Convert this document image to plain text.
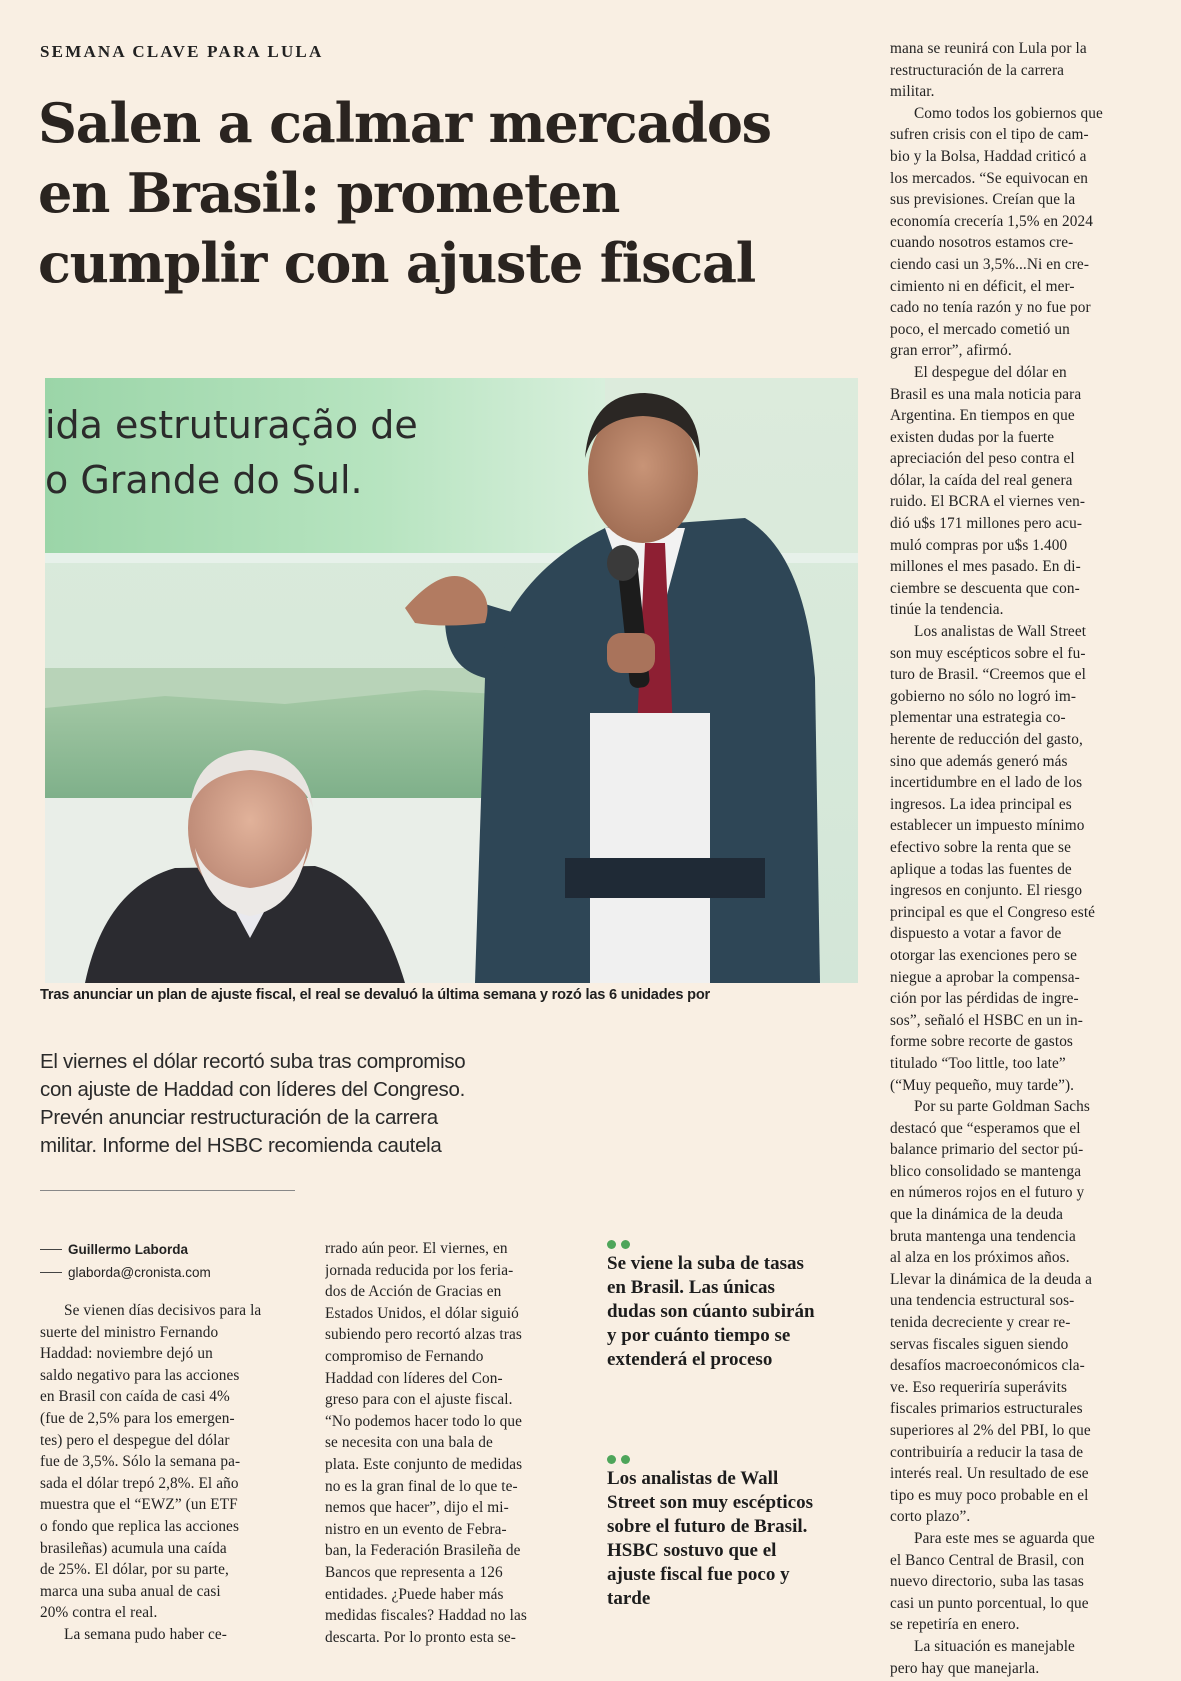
SEMANA CLAVE PARA LULA
Salen a calmar mercados
en Brasil: prometen
cumplir con ajuste fiscal
ida estruturação de
o Grande do Sul.
Tras anunciar un plan de ajuste fiscal, el real se devaluó la última semana y rozó las 6 unidades por
El viernes el dólar recortó suba tras compromiso
con ajuste de Haddad con líderes del Congreso.
Prevén anunciar restructuración de la carrera
militar. Informe del HSBC recomienda cautela
Guillermo Laborda
glaborda@cronista.com
Se vienen días decisivos para la
suerte del ministro Fernando
Haddad: noviembre dejó un
saldo negativo para las acciones
en Brasil con caída de casi 4%
(fue de 2,5% para los emergen-
tes) pero el despegue del dólar
fue de 3,5%. Sólo la semana pa-
sada el dólar trepó 2,8%. El año
muestra que el “EWZ” (un ETF
o fondo que replica las acciones
brasileñas) acumula una caída
de 25%. El dólar, por su parte,
marca una suba anual de casi
20% contra el real.
La semana pudo haber ce-
rrado aún peor. El viernes, en
jornada reducida por los feria-
dos de Acción de Gracias en
Estados Unidos, el dólar siguió
subiendo pero recortó alzas tras
compromiso de Fernando
Haddad con líderes del Con-
greso para con el ajuste fiscal.
“No podemos hacer todo lo que
se necesita con una bala de
plata. Este conjunto de medidas
no es la gran final de lo que te-
nemos que hacer”, dijo el mi-
nistro en un evento de Febra-
ban, la Federación Brasileña de
Bancos que representa a 126
entidades. ¿Puede haber más
medidas fiscales? Haddad no las
descarta. Por lo pronto esta se-
Se viene la suba de tasas
en Brasil. Las únicas
dudas son cúanto subirán
y por cuánto tiempo se
extenderá el proceso
Los analistas de Wall
Street son muy escépticos
sobre el futuro de Brasil.
HSBC sostuvo que el
ajuste fiscal fue poco y
tarde
mana se reunirá con Lula por la
restructuración de la carrera
militar.
Como todos los gobiernos que
sufren crisis con el tipo de cam-
bio y la Bolsa, Haddad criticó a
los mercados. “Se equivocan en
sus previsiones. Creían que la
economía crecería 1,5% en 2024
cuando nosotros estamos cre-
ciendo casi un 3,5%...Ni en cre-
cimiento ni en déficit, el mer-
cado no tenía razón y no fue por
poco, el mercado cometió un
gran error”, afirmó.
El despegue del dólar en
Brasil es una mala noticia para
Argentina. En tiempos en que
existen dudas por la fuerte
apreciación del peso contra el
dólar, la caída del real genera
ruido. El BCRA el viernes ven-
dió u$s 171 millones pero acu-
muló compras por u$s 1.400
millones el mes pasado. En di-
ciembre se descuenta que con-
tinúe la tendencia.
Los analistas de Wall Street
son muy escépticos sobre el fu-
turo de Brasil. “Creemos que el
gobierno no sólo no logró im-
plementar una estrategia co-
herente de reducción del gasto,
sino que además generó más
incertidumbre en el lado de los
ingresos. La idea principal es
establecer un impuesto mínimo
efectivo sobre la renta que se
aplique a todas las fuentes de
ingresos en conjunto. El riesgo
principal es que el Congreso esté
dispuesto a votar a favor de
otorgar las exenciones pero se
niegue a aprobar la compensa-
ción por las pérdidas de ingre-
sos”, señaló el HSBC en un in-
forme sobre recorte de gastos
titulado “Too little, too late”
(“Muy pequeño, muy tarde”).
Por su parte Goldman Sachs
destacó que “esperamos que el
balance primario del sector pú-
blico consolidado se mantenga
en números rojos en el futuro y
que la dinámica de la deuda
bruta mantenga una tendencia
al alza en los próximos años.
Llevar la dinámica de la deuda a
una tendencia estructural sos-
tenida decreciente y crear re-
servas fiscales siguen siendo
desafíos macroeconómicos cla-
ve. Eso requeriría superávits
fiscales primarios estructurales
superiores al 2% del PBI, lo que
contribuiría a reducir la tasa de
interés real. Un resultado de ese
tipo es muy poco probable en el
corto plazo”.
Para este mes se aguarda que
el Banco Central de Brasil, con
nuevo directorio, suba las tasas
casi un punto porcentual, lo que
se repetiría en enero.
La situación es manejable
pero hay que manejarla.
